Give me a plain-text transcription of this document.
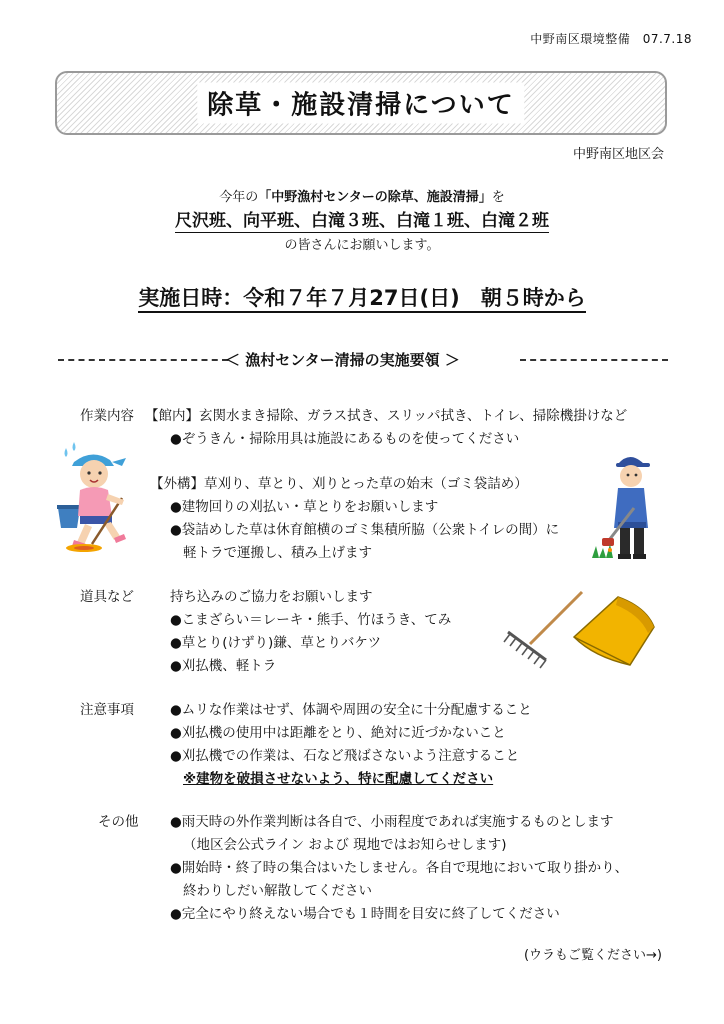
中野南区環境整備　07.7.18
除草・施設清掃について
中野南区地区会
今年の「中野漁村センターの除草、施設清掃」を
尺沢班、向平班、白滝３班、白滝１班、白滝２班
の皆さんにお願いします。
実施日時：令和７年７月27日(日)　朝５時から
＜ 漁村センター清掃の実施要領 ＞
作業内容 【館内】玄関水まき掃除、ガラス拭き、スリッパ拭き、トイレ、掃除機掛けなど
●ぞうきん・掃除用具は施設にあるものを使ってください
【外構】草刈り、草とり、刈りとった草の始末（ゴミ袋詰め）
●建物回りの刈払い・草とりをお願いします
●袋詰めした草は休育館横のゴミ集積所脇（公衆トイレの間）に
軽トラで運搬し、積み上げます
道具など	持ち込みのご協力をお願いします
●こまざらい＝レーキ・熊手、竹ほうき、てみ
●草とり(けずり)鎌、草とりバケツ
●刈払機、軽トラ
注意事項	●ムリな作業はせず、体調や周囲の安全に十分配慮すること
●刈払機の使用中は距離をとり、絶対に近づかないこと
●刈払機での作業は、石など飛ばさないよう注意すること
※建物を破損させないよう、特に配慮してください
その他 ●雨天時の外作業判断は各自で、小雨程度であれば実施するものとします
（地区会公式ライン および 現地ではお知らせします)
●開始時・終了時の集合はいたしません。各自で現地において取り掛かり、
終わりしだい解散してください
●完全にやり終えない場合でも１時間を目安に終了してください
(ウラもご覧ください→)
